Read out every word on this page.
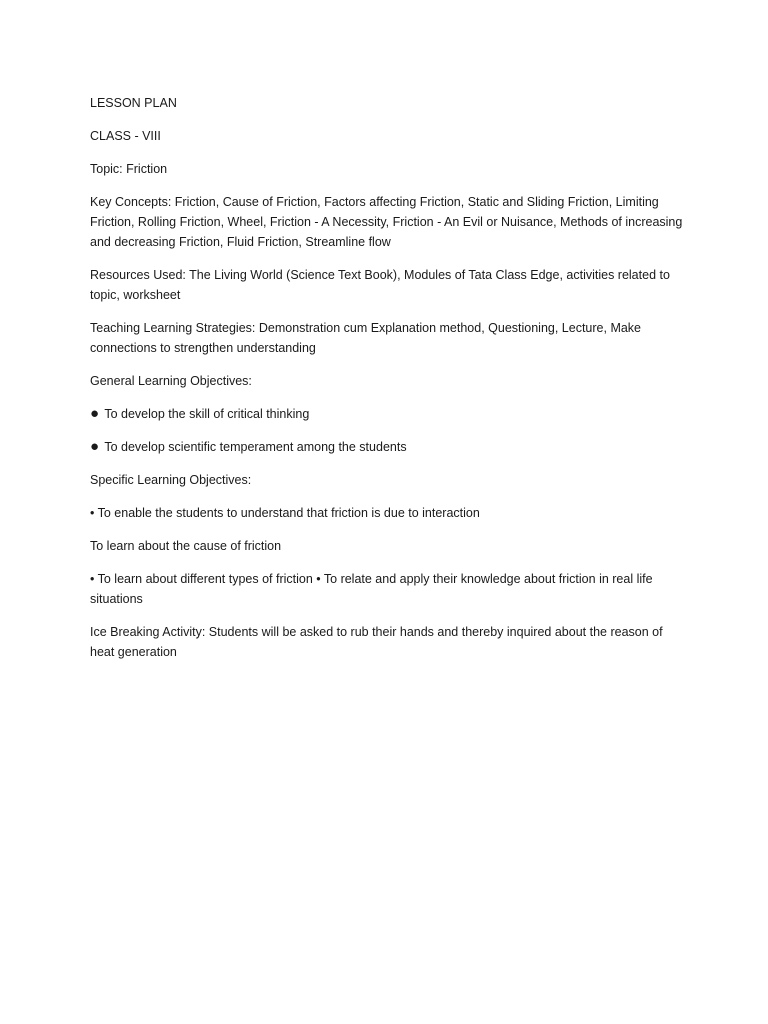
LESSON PLAN

CLASS - VIII

Topic: Friction

Key Concepts: Friction, Cause of Friction, Factors affecting Friction, Static and Sliding Friction, Limiting Friction, Rolling Friction, Wheel, Friction - A Necessity, Friction - An Evil or Nuisance, Methods of increasing and decreasing Friction, Fluid Friction, Streamline flow

Resources Used: The Living World (Science Text Book), Modules of Tata Class Edge, activities related to topic, worksheet

Teaching Learning Strategies: Demonstration cum Explanation method, Questioning, Lecture, Make connections to strengthen understanding

General Learning Objectives:

● To develop the skill of critical thinking

● To develop scientific temperament among the students

Specific Learning Objectives:

• To enable the students to understand that friction is due to interaction

To learn about the cause of friction

• To learn about different types of friction • To relate and apply their knowledge about friction in real life situations

Ice Breaking Activity: Students will be asked to rub their hands and thereby inquired about the reason of heat generation
